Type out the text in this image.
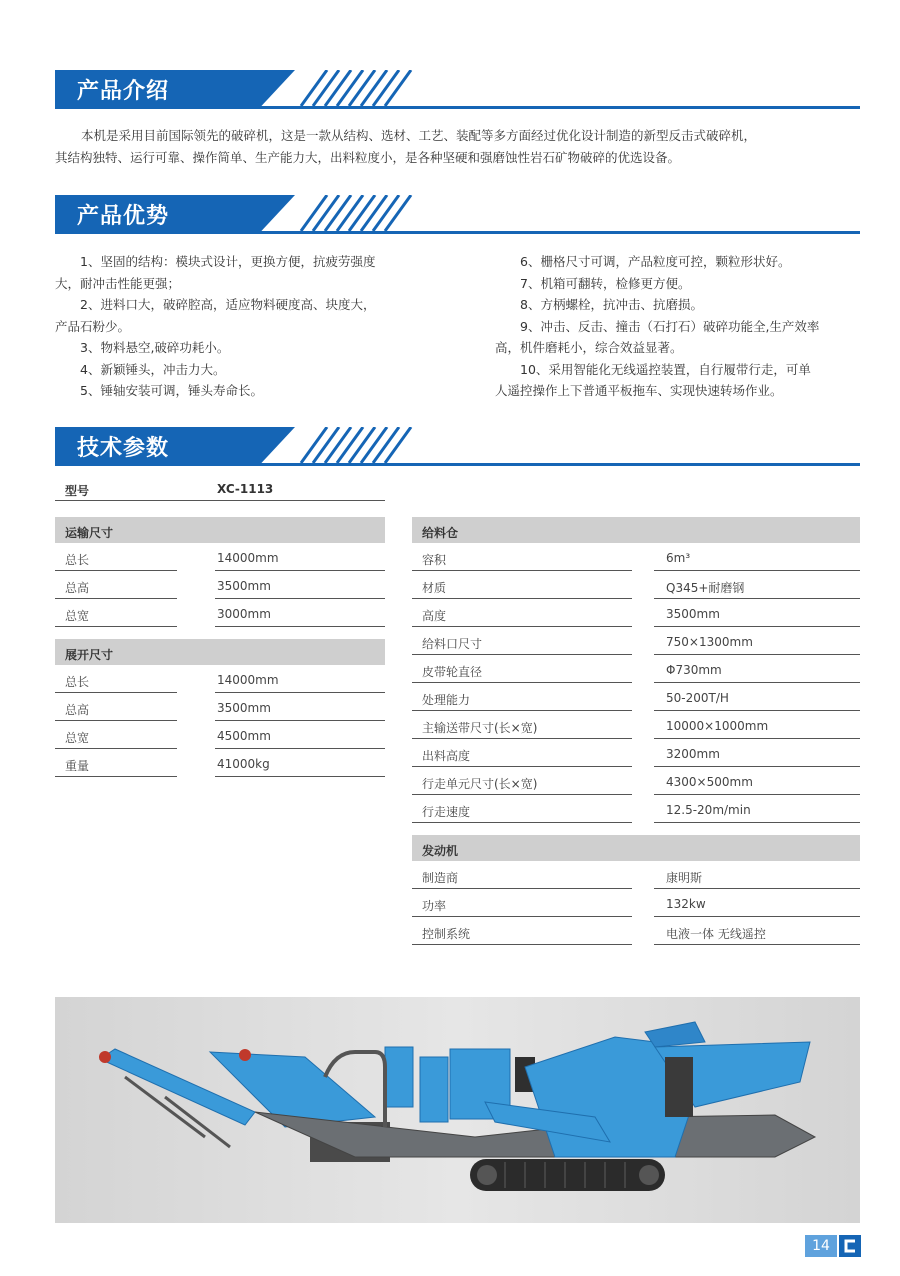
产品介绍
本机是采用目前国际领先的破碎机，这是一款从结构、选材、工艺、装配等多方面经过优化设计制造的新型反击式破碎机，
其结构独特、运行可靠、操作简单、生产能力大，出料粒度小，是各种坚硬和强磨蚀性岩石矿物破碎的优选设备。
产品优势

　　1、坚固的结构：模块式设计，更换方便，抗疲劳强度

大，耐冲击性能更强；

　　2、进料口大，破碎腔高，适应物料硬度高、块度大，

产品石粉少。

　　3、物料悬空,破碎功耗小。

　　4、新颖锤头，冲击力大。

　　5、锤轴安装可调，锤头寿命长。

　　6、栅格尺寸可调，产品粒度可控，颗粒形状好。

　　7、机箱可翻转，检修更方便。

　　8、方柄螺栓，抗冲击、抗磨损。

　　9、冲击、反击、撞击（石打石）破碎功能全,生产效率

高，机件磨耗小，综合效益显著。

　　10、采用智能化无线遥控装置，自行履带行走，可单

人遥控操作上下普通平板拖车、实现快速转场作业。

技术参数
型号	XC-1113
运输尺寸
总长	14000mm
总高	3500mm
总宽	3000mm
展开尺寸
总长	14000mm
总高	3500mm
总宽	4500mm
重量	41000kg
给料仓
容积	6m³
材质	Q345+耐磨钢
高度	3500mm
给料口尺寸	750×1300mm
皮带轮直径	Φ730mm
处理能力	50-200T/H
主输送带尺寸(长×宽)	10000×1000mm
出料高度	3200mm
行走单元尺寸(长×宽)	4300×500mm
行走速度	12.5-20m/min
发动机
制造商	康明斯
功率	132kw
控制系统	电液一体 无线遥控
14
